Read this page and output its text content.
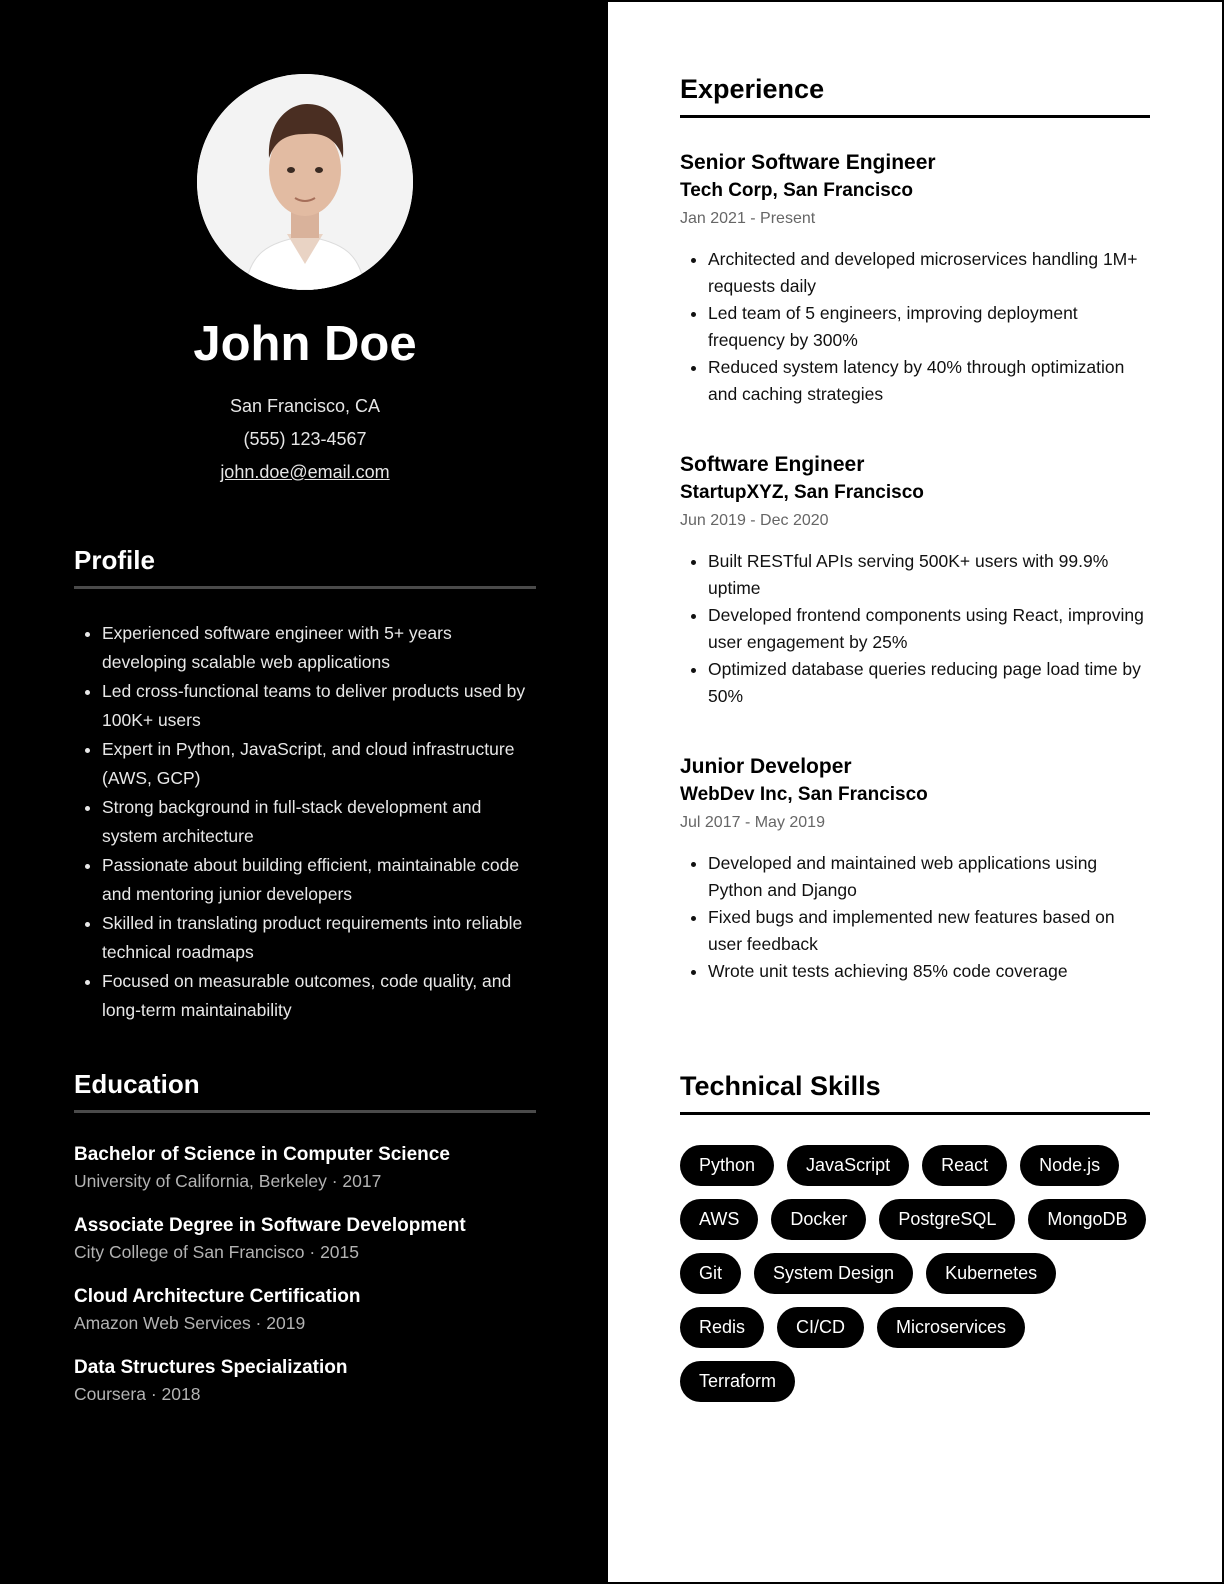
John Doe
San Francisco, CA
(555) 123-4567
john.doe@email.com
Profile
• Experienced software engineer with 5+ years developing scalable web applications
• Led cross-functional teams to deliver products used by 100K+ users
• Expert in Python, JavaScript, and cloud infrastructure (AWS, GCP)
• Strong background in full-stack development and system architecture
• Passionate about building efficient, maintainable code and mentoring junior developers
• Skilled in translating product requirements into reliable technical roadmaps
• Focused on measurable outcomes, code quality, and long-term maintainability
Education
Bachelor of Science in Computer Science
University of California, Berkeley · 2017
Associate Degree in Software Development
City College of San Francisco · 2015
Cloud Architecture Certification
Amazon Web Services · 2019
Data Structures Specialization
Coursera · 2018
Experience
Senior Software Engineer
Tech Corp, San Francisco
Jan 2021 - Present
• Architected and developed microservices handling 1M+ requests daily
• Led team of 5 engineers, improving deployment frequency by 300%
• Reduced system latency by 40% through optimization and caching strategies
Software Engineer
StartupXYZ, San Francisco
Jun 2019 - Dec 2020
• Built RESTful APIs serving 500K+ users with 99.9% uptime
• Developed frontend components using React, improving user engagement by 25%
• Optimized database queries reducing page load time by 50%
Junior Developer
WebDev Inc, San Francisco
Jul 2017 - May 2019
• Developed and maintained web applications using Python and Django
• Fixed bugs and implemented new features based on user feedback
• Wrote unit tests achieving 85% code coverage
Technical Skills
Python	JavaScript	React	Node.js
AWS	Docker	PostgreSQL	MongoDB
Git	System Design	Kubernetes
Redis	CI/CD	Microservices
Terraform
